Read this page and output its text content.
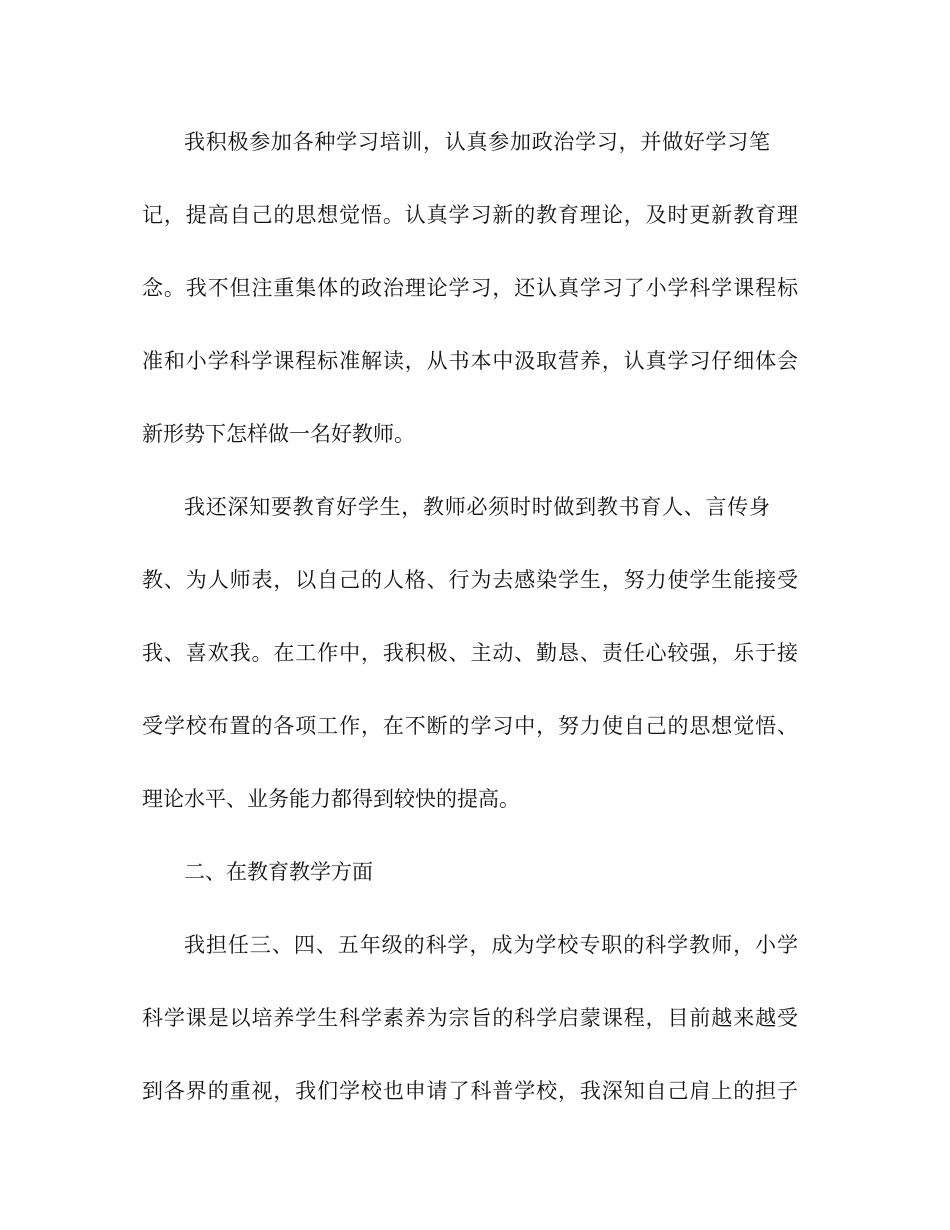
我积极参加各种学习培训，认真参加政治学习，并做好学习笔
记，提高自己的思想觉悟。认真学习新的教育理论，及时更新教育理
念。我不但注重集体的政治理论学习，还认真学习了小学科学课程标
准和小学科学课程标准解读，从书本中汲取营养，认真学习仔细体会
新形势下怎样做一名好教师。
我还深知要教育好学生，教师必须时时做到教书育人、言传身
教、为人师表，以自己的人格、行为去感染学生，努力使学生能接受
我、喜欢我。在工作中，我积极、主动、勤恳、责任心较强，乐于接
受学校布置的各项工作，在不断的学习中，努力使自己的思想觉悟、
理论水平、业务能力都得到较快的提高。
二、在教育教学方面
我担任三、四、五年级的科学，成为学校专职的科学教师，小学
科学课是以培养学生科学素养为宗旨的科学启蒙课程，目前越来越受
到各界的重视，我们学校也申请了科普学校，我深知自己肩上的担子
